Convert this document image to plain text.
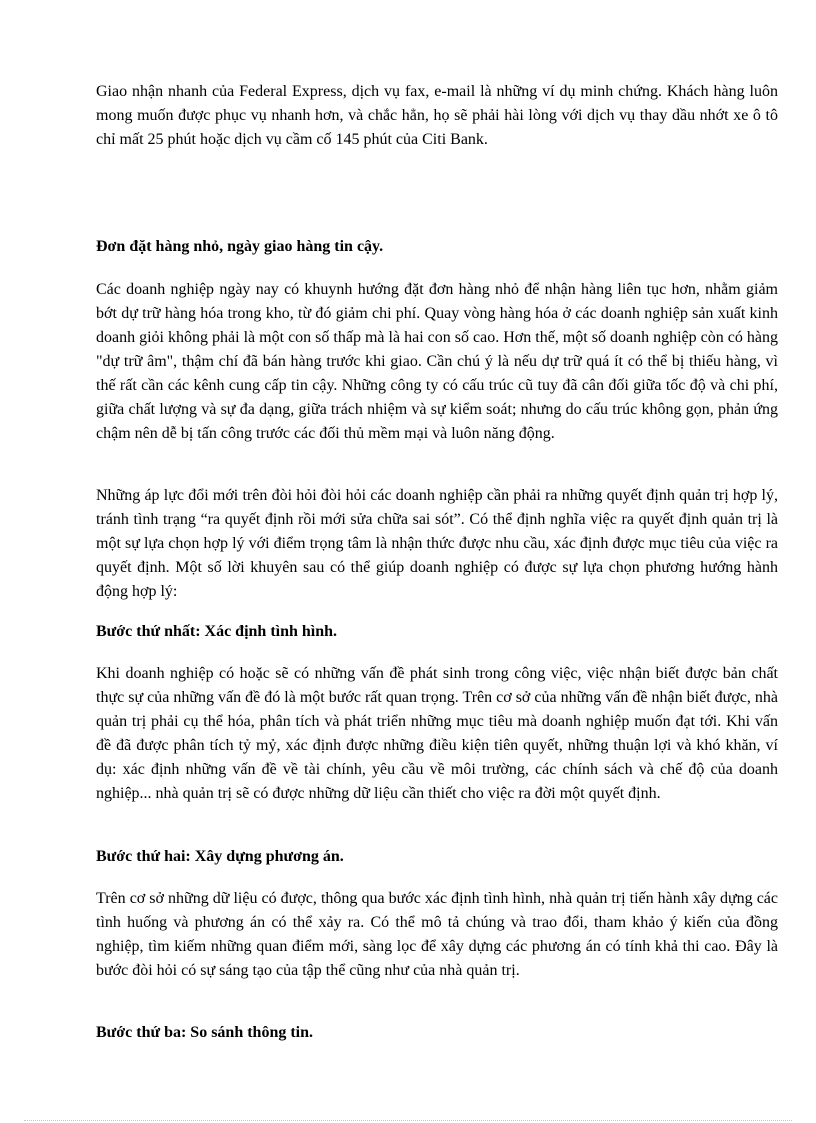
Giao nhận nhanh của Federal Express, dịch vụ fax, e-mail là những ví dụ minh chứng. Khách hàng luôn mong muốn được phục vụ nhanh hơn, và chắc hẳn, họ sẽ phải hài lòng với dịch vụ thay dầu nhớt xe ô tô chỉ mất 25 phút hoặc dịch vụ cầm cố 145 phút của Citi Bank.

Đơn đặt hàng nhỏ, ngày giao hàng tin cậy.

Các doanh nghiệp ngày nay có khuynh hướng đặt đơn hàng nhỏ để nhận hàng liên tục hơn, nhằm giảm bớt dự trữ hàng hóa trong kho, từ đó giảm chi phí. Quay vòng hàng hóa ở các doanh nghiệp sản xuất kinh doanh giỏi không phải là một con số thấp mà là hai con số cao. Hơn thế, một số doanh nghiệp còn có hàng "dự trữ âm", thậm chí đã bán hàng trước khi giao. Cần chú ý là nếu dự trữ quá ít có thể bị thiếu hàng, vì thế rất cần các kênh cung cấp tin cậy. Những công ty có cấu trúc cũ tuy đã cân đối giữa tốc độ và chi phí, giữa chất lượng và sự đa dạng, giữa trách nhiệm và sự kiểm soát; nhưng do cấu trúc không gọn, phản ứng chậm nên dễ bị tấn công trước các đối thủ mềm mại và luôn năng động.

Những áp lực đổi mới trên đòi hỏi đòi hỏi các doanh nghiệp cần phải ra những quyết định quản trị hợp lý, tránh tình trạng “ra quyết định rồi mới sửa chữa sai sót”. Có thể định nghĩa việc ra quyết định quản trị là một sự lựa chọn hợp lý với điểm trọng tâm là nhận thức được nhu cầu, xác định được mục tiêu của việc ra quyết định. Một số lời khuyên sau có thể giúp doanh nghiệp có được sự lựa chọn phương hướng hành động hợp lý:

Bước thứ nhất: Xác định tình hình.

Khi doanh nghiệp có hoặc sẽ có những vấn đề phát sinh trong công việc, việc nhận biết được bản chất thực sự của những vấn đề đó là một bước rất quan trọng. Trên cơ sở của những vấn đề nhận biết được, nhà quản trị phải cụ thể hóa, phân tích và phát triển những mục tiêu mà doanh nghiệp muốn đạt tới. Khi vấn đề đã được phân tích tỷ mỷ, xác định được những điều kiện tiên quyết, những thuận lợi và khó khăn, ví dụ: xác định những vấn đề về tài chính, yêu cầu về môi trường, các chính sách và chế độ của doanh nghiệp... nhà quản trị sẽ có được những dữ liệu cần thiết cho việc ra đời một quyết định.

Bước thứ hai: Xây dựng phương án.

Trên cơ sở những dữ liệu có được, thông qua bước xác định tình hình, nhà quản trị tiến hành xây dựng các tình huống và phương án có thể xảy ra. Có thể mô tả chúng và trao đổi, tham khảo ý kiến của đồng nghiệp, tìm kiếm những quan điểm mới, sàng lọc để xây dựng các phương án có tính khả thi cao. Đây là bước đòi hỏi có sự sáng tạo của tập thể cũng như của nhà quản trị.

Bước thứ ba: So sánh thông tin.
